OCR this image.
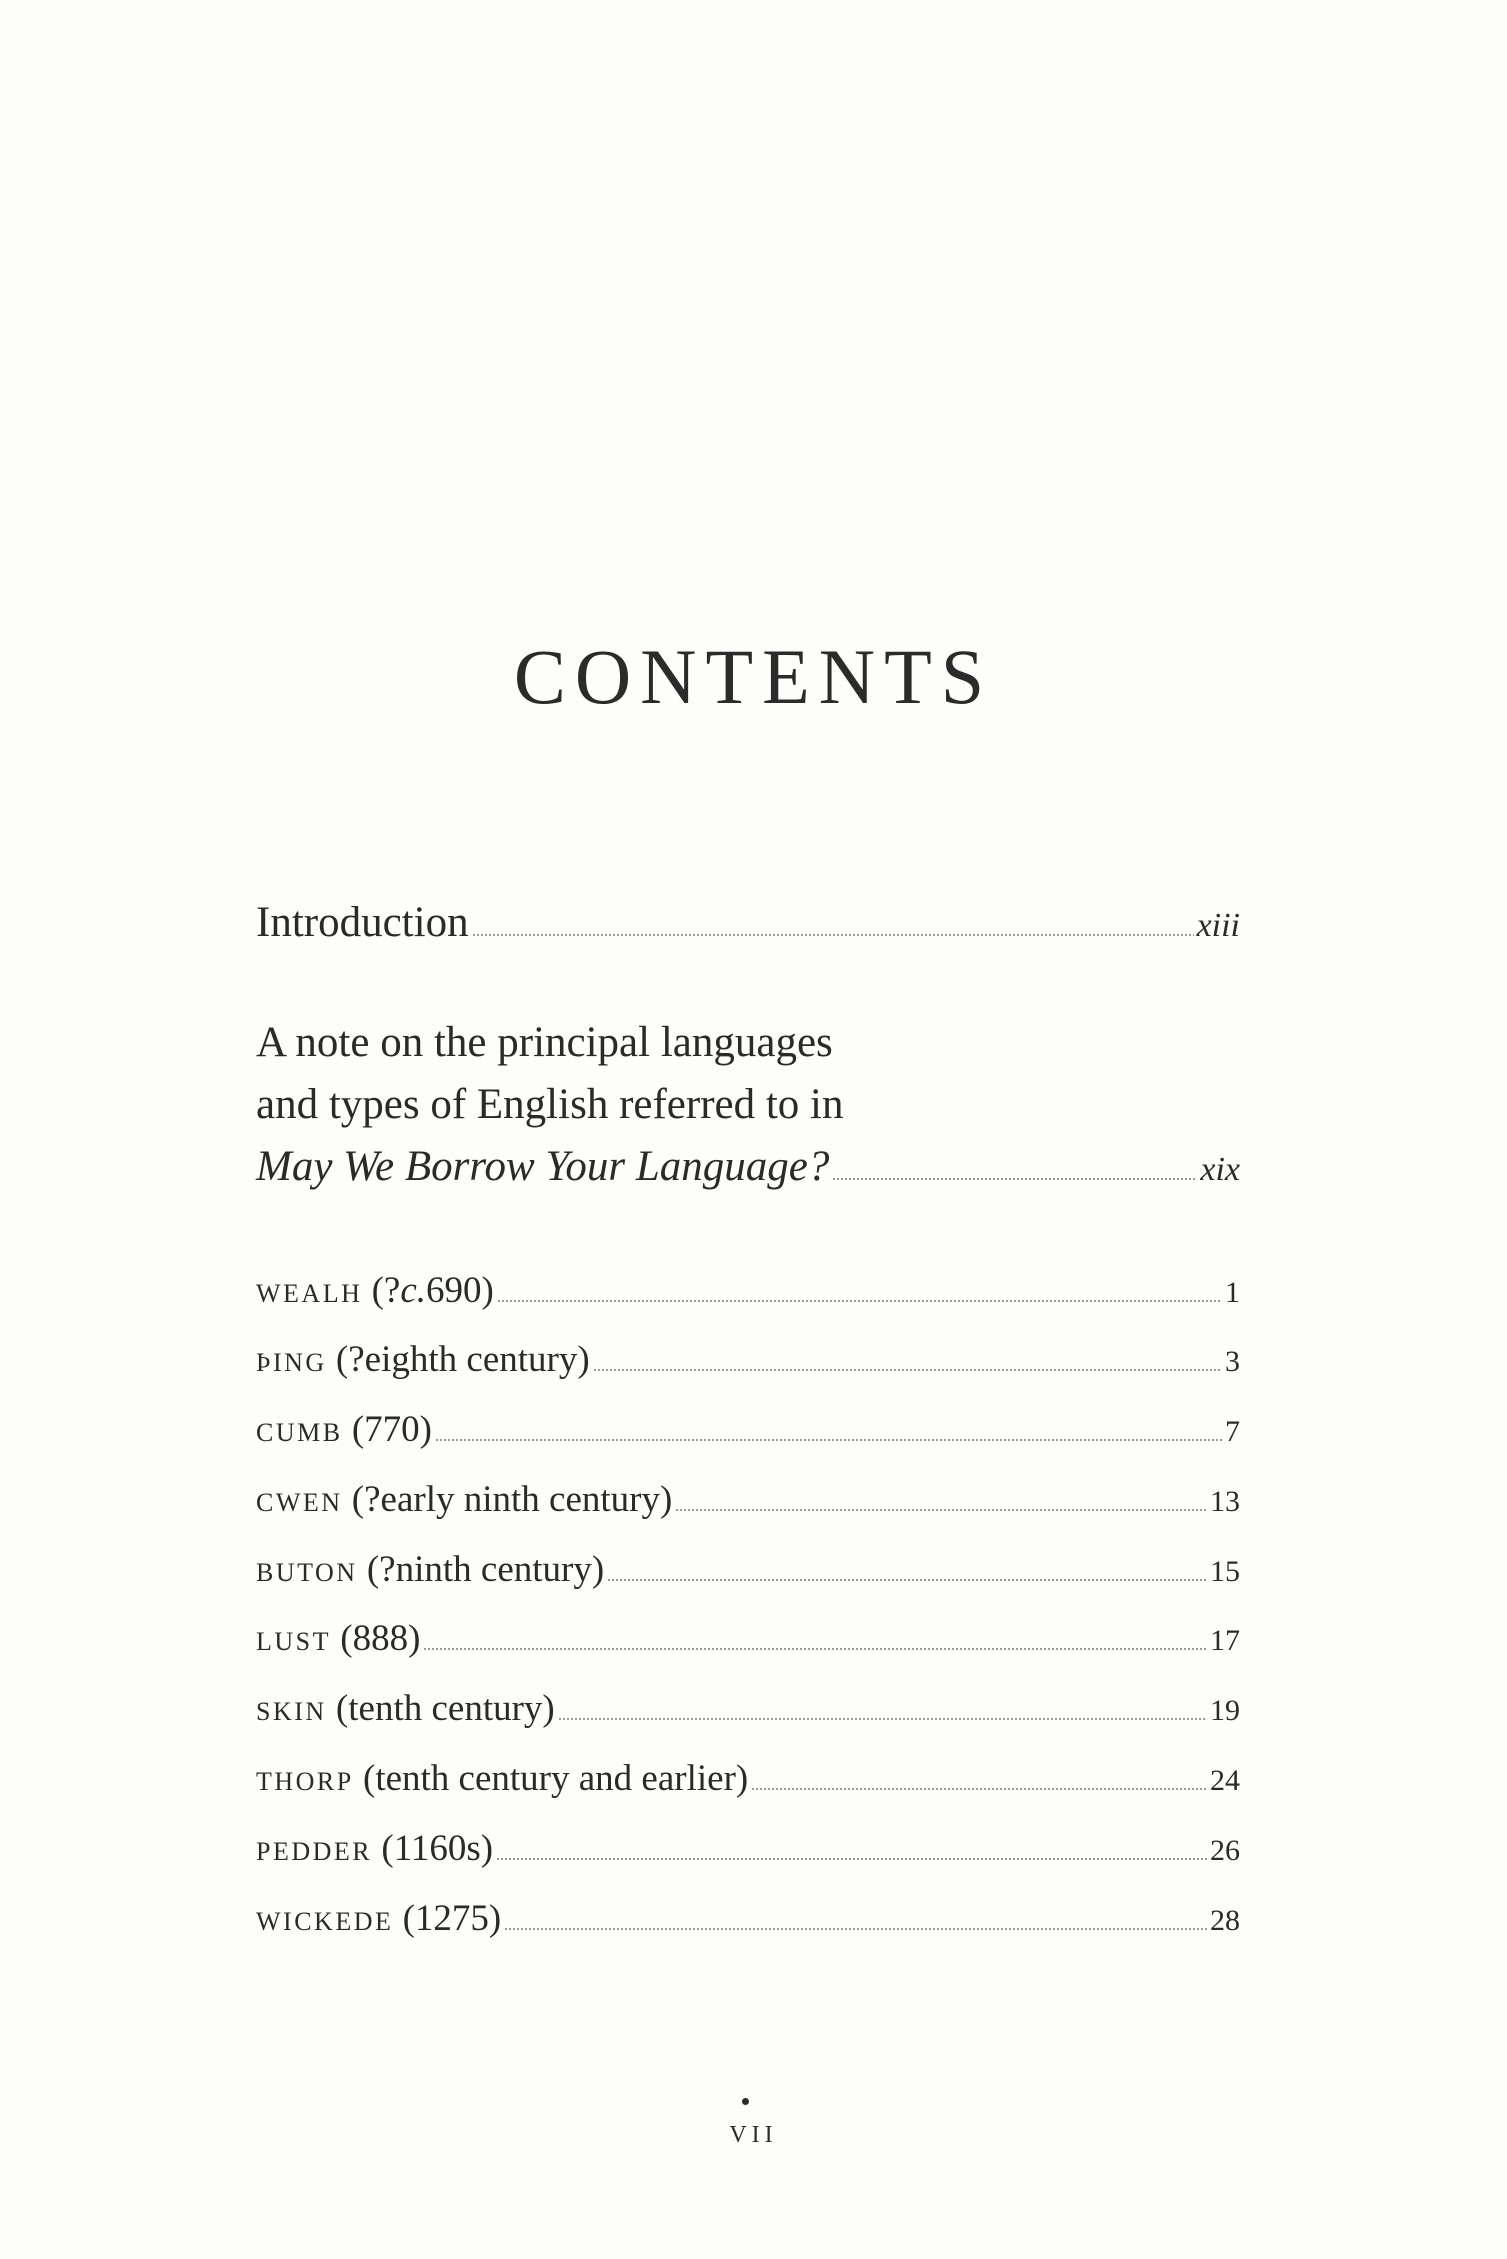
CONTENTS
Introduction	xiii
A note on the principal languages
and types of English referred to in
May We Borrow Your Language?	xix
wealh (?c.690)	1
þing (?eighth century)	3
cumb (770)	7
cwen (?early ninth century)	13
buton (?ninth century)	15
lust (888)	17
skin (tenth century)	19
thorp (tenth century and earlier)	24
pedder (1160s)	26
wickede (1275)	28
VII
